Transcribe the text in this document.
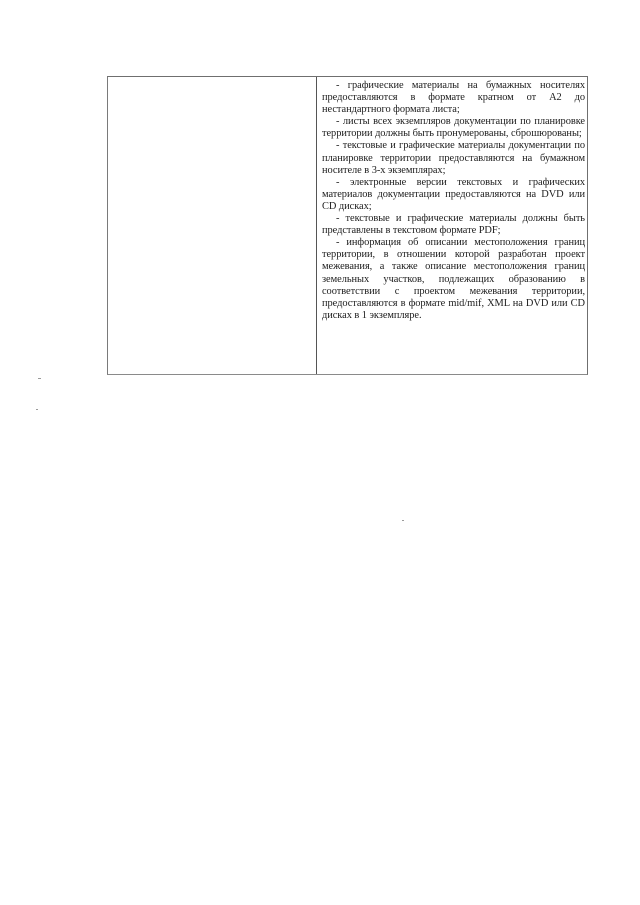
- графические материалы на бумажных носителях предоставляются в формате кратном от А2 до нестандартного формата листа;

- листы всех экземпляров документации по планировке территории должны быть пронумерованы, сброшюрованы;

- текстовые и графические материалы документации по планировке территории предоставляются на бумажном носителе в 3-х экземплярах;

- электронные версии текстовых и графических материалов документации предоставляются на DVD или CD дисках;

- текстовые и графические материалы должны быть представлены в текстовом формате PDF;

- информация об описании местоположения границ территории, в отношении которой разработан проект межевания, а также описание местоположения границ земельных участков, подлежащих образованию в соответствии с проектом межевания территории, предоставляются в формате mid/mif, XML на DVD или CD дисках в 1 экземпляре.
